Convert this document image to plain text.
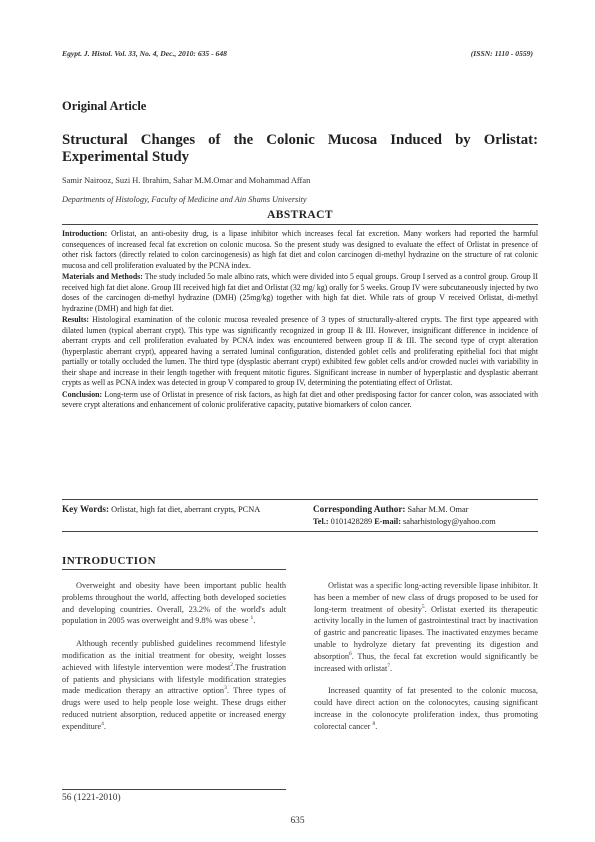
Egypt. J. Histol. Vol. 33, No. 4, Dec., 2010: 635 - 648	(ISSN: 1110 - 0559)
Original Article
Structural Changes of the Colonic Mucosa Induced by Orlistat: Experimental Study
Samir Nairooz, Suzi H. Ibrahim, Sahar M.M.Omar and Mohammad Affan
Departments of Histology, Faculty of Medicine and Ain Shams University
ABSTRACT

Introduction: Orlistat, an anti-obesity drug, is a lipase inhibitor which increases fecal fat excretion. Many workers had reported the harmful consequences of increased fecal fat excretion on colonic mucosa. So the present study was designed to evaluate the effect of Orlistat in presence of other risk factors (directly related to colon carcinogenesis) as high fat diet and colon carcinogen di-methyl hydrazine on the structure of rat colonic mucosa and cell proliferation evaluated by the PCNA index.

Materials and Methods: The study included 5o male albino rats, which were divided into 5 equal groups. Group I served as a control group. Group II received high fat diet alone. Group III received high fat diet and Orlistat (32 mg/ kg) orally for 5 weeks. Group IV were subcutaneously injected by two doses of the carcinogen di-methyl hydrazine (DMH) (25mg/kg) together with high fat diet. While rats of group V received Orlistat, di-methyl hydrazine (DMH) and high fat diet.

Results: Histological examination of the colonic mucosa revealed presence of 3 types of structurally-altered crypts. The first type appeared with dilated lumen (typical aberrant crypt). This type was significantly recognized in group II & III. However, insignificant difference in incidence of aberrant crypts and cell proliferation evaluated by PCNA index was encountered between group II & III. The second type of crypt alteration (hyperplastic aberrant crypt), appeared having a serrated luminal configuration, distended goblet cells and proliferating epithelial foci that might partially or totally occluded the lumen. The third type (dysplastic aberrant crypt) exhibited few goblet cells and/or crowded nuclei with variability in their shape and increase in their length together with frequent mitotic figures. Significant increase in number of hyperplastic and dysplastic aberrant crypts as well as PCNA index was detected in group V compared to group IV, determining the potentiating effect of Orlistat.

Conclusion: Long-term use of Orlistat in presence of risk factors, as high fat diet and other predisposing factor for cancer colon, was associated with severe crypt alterations and enhancement of colonic proliferative capacity, putative biomarkers of colon cancer.

Key Words: Orlistat, high fat diet, aberrant crypts, PCNA	Corresponding Author: Sahar M.M. Omar
Tel.: 0101428289 E-mail: saharhistology@yahoo.com
INTRODUCTION

Overweight and obesity have been important public health problems throughout the world, affecting both developed societies and developing countries. Overall, 23.2% of the world's adult population in 2005 was overweight and 9.8% was obese $^1$.

Although recently published guidelines recommend lifestyle modification as the initial treatment for obesity, weight losses achieved with lifestyle intervention were modest$^2$.The frustration of patients and physicians with lifestyle modification strategies made medication therapy an attractive option$^3$. Three types of drugs were used to help people lose weight. These drugs either reduced nutrient absorption, reduced appetite or increased energy expenditure$^4$.

Orlistat was a specific long-acting reversible lipase inhibitor. It has been a member of new class of drugs proposed to be used for long-term treatment of obesity$^5$. Orlistat exerted its therapeutic activity locally in the lumen of gastrointestinal tract by inactivation of gastric and pancreatic lipases. The inactivated enzymes became unable to hydrolyze dietary fat preventing its digestion and absorption$^6$. Thus, the fecal fat excretion would significantly be increased with orlistat$^7$.

Increased quantity of fat presented to the colonic mucosa, could have direct action on the colonocytes, causing significant increase in the colonocyte proliferation index, thus promoting colorectal cancer $^8$.

56 (1221-2010)
635
